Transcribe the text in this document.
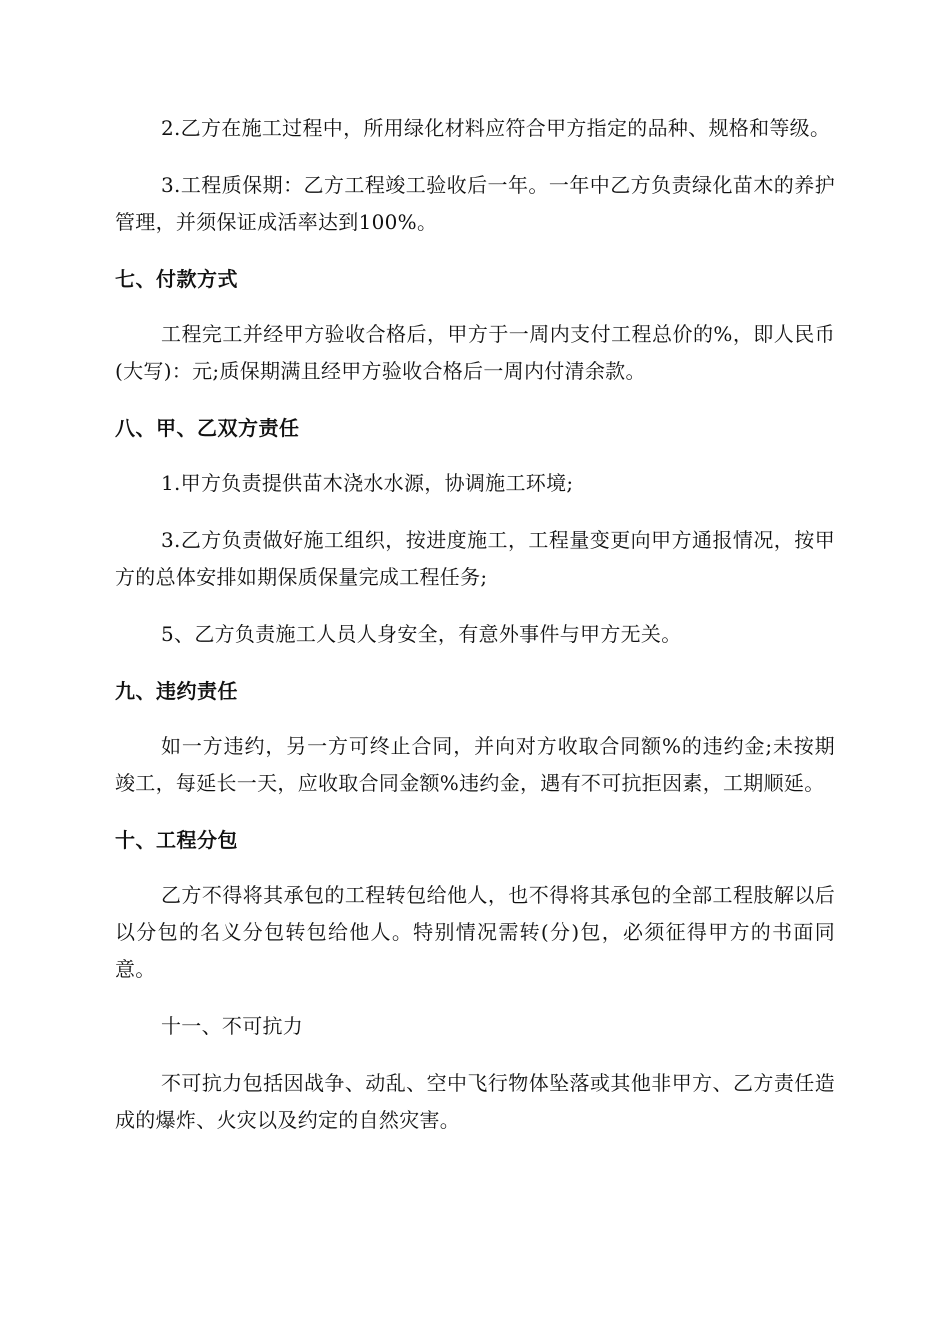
2.乙方在施工过程中，所用绿化材料应符合甲方指定的品种、规格和等级。

3.工程质保期：乙方工程竣工验收后一年。一年中乙方负责绿化苗木的养护管理，并须保证成活率达到100%。

七、付款方式

工程完工并经甲方验收合格后，甲方于一周内支付工程总价的%，即人民币(大写)：元;质保期满且经甲方验收合格后一周内付清余款。

八、甲、乙双方责任

1.甲方负责提供苗木浇水水源，协调施工环境;

3.乙方负责做好施工组织，按进度施工，工程量变更向甲方通报情况，按甲方的总体安排如期保质保量完成工程任务;

5、乙方负责施工人员人身安全，有意外事件与甲方无关。

九、违约责任

如一方违约，另一方可终止合同，并向对方收取合同额%的违约金;未按期竣工，每延长一天，应收取合同金额%违约金，遇有不可抗拒因素，工期顺延。

十、工程分包

乙方不得将其承包的工程转包给他人，也不得将其承包的全部工程肢解以后以分包的名义分包转包给他人。特别情况需转(分)包，必须征得甲方的书面同意。

十一、不可抗力

不可抗力包括因战争、动乱、空中飞行物体坠落或其他非甲方、乙方责任造成的爆炸、火灾以及约定的自然灾害。
